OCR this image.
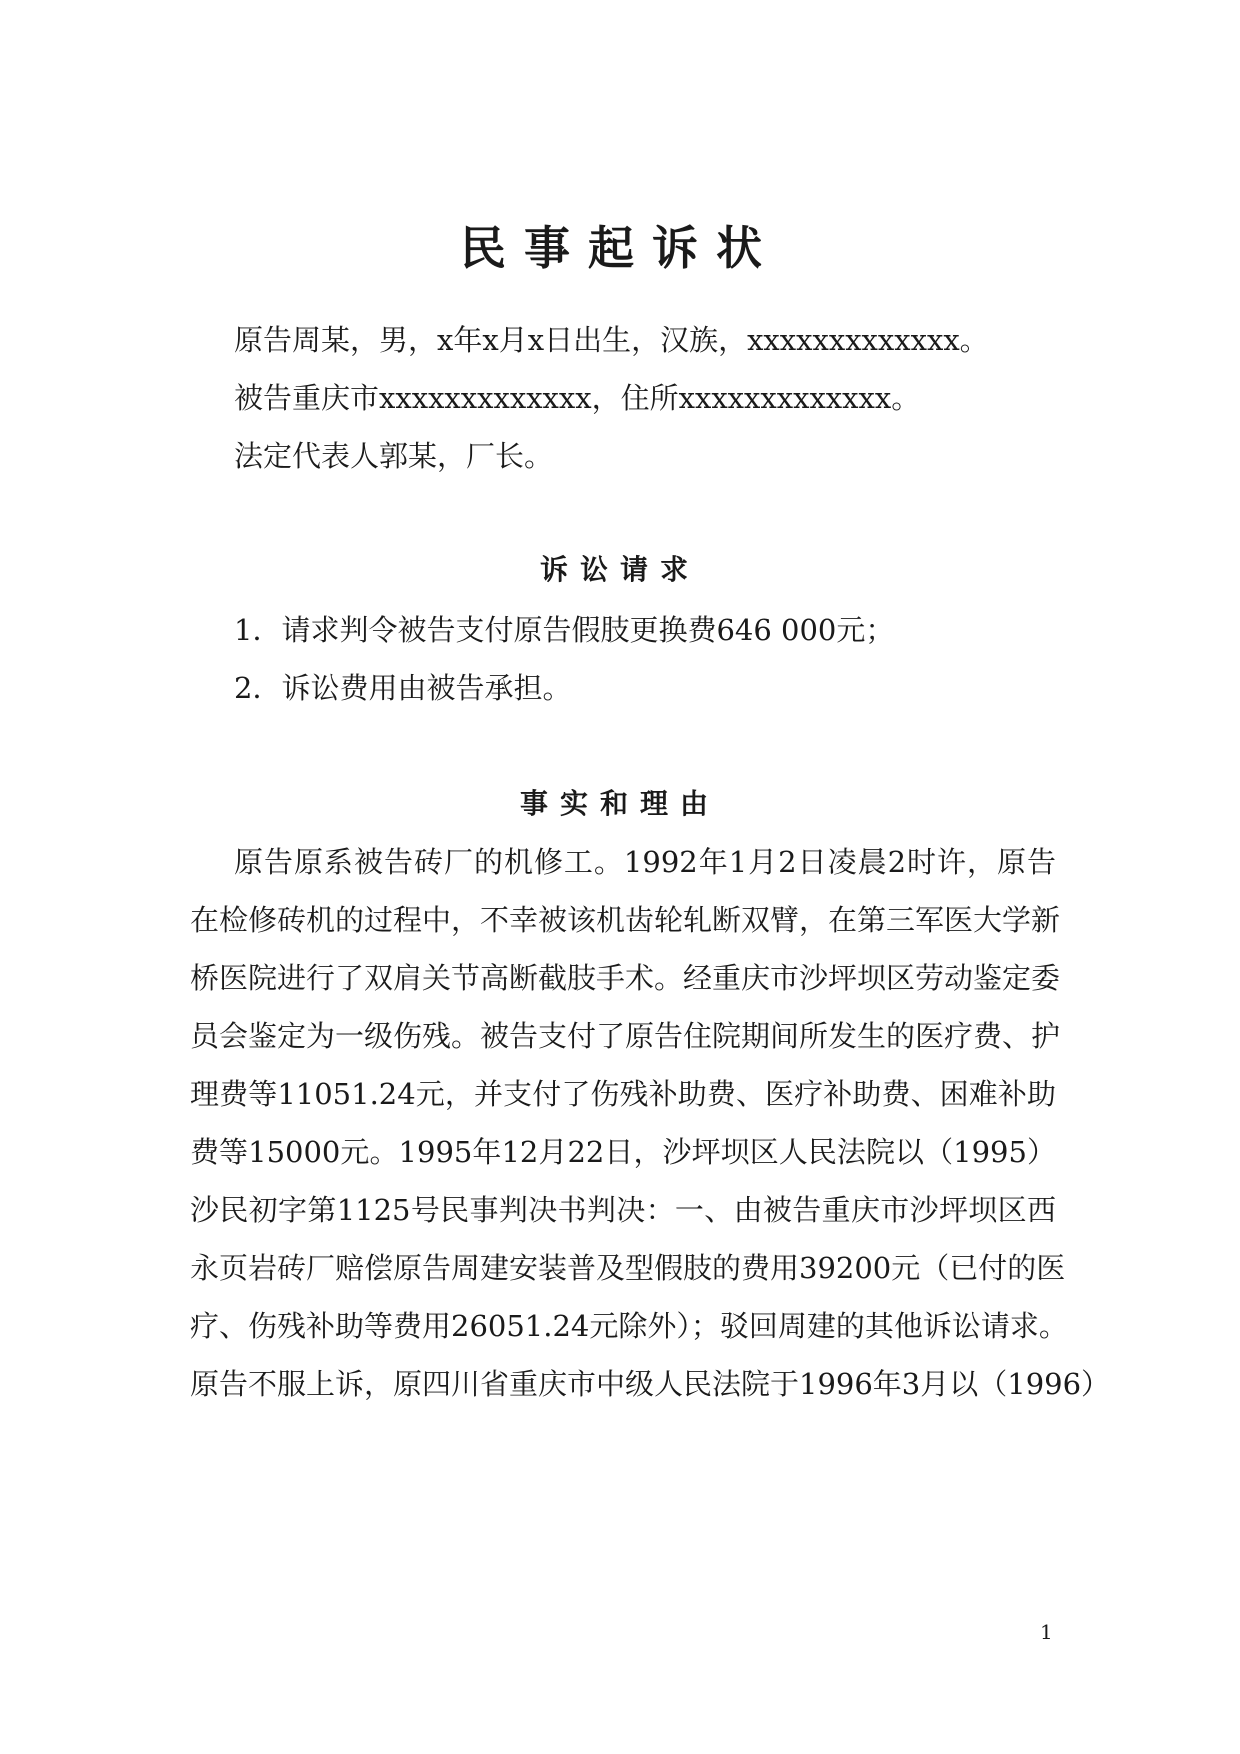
民事起诉状
原告周某，男，x年x月x日出生，汉族，xxxxxxxxxxxxx。
被告重庆市xxxxxxxxxxxxx，住所xxxxxxxxxxxxx。
法定代表人郭某，厂长。
诉讼请求
1．请求判令被告支付原告假肢更换费646 000元；
2．诉讼费用由被告承担。
事实和理由
原告原系被告砖厂的机修工。1992年1月2日凌晨2时许，原告
在检修砖机的过程中，不幸被该机齿轮轧断双臂，在第三军医大学新
桥医院进行了双肩关节高断截肢手术。经重庆市沙坪坝区劳动鉴定委
员会鉴定为一级伤残。被告支付了原告住院期间所发生的医疗费、护
理费等11051.24元，并支付了伤残补助费、医疗补助费、困难补助
费等15000元。1995年12月22日，沙坪坝区人民法院以（1995）
沙民初字第1125号民事判决书判决：一、由被告重庆市沙坪坝区西
永页岩砖厂赔偿原告周建安装普及型假肢的费用39200元（已付的医
疗、伤残补助等费用26051.24元除外）；驳回周建的其他诉讼请求。
原告不服上诉，原四川省重庆市中级人民法院于1996年3月以（1996）
1
